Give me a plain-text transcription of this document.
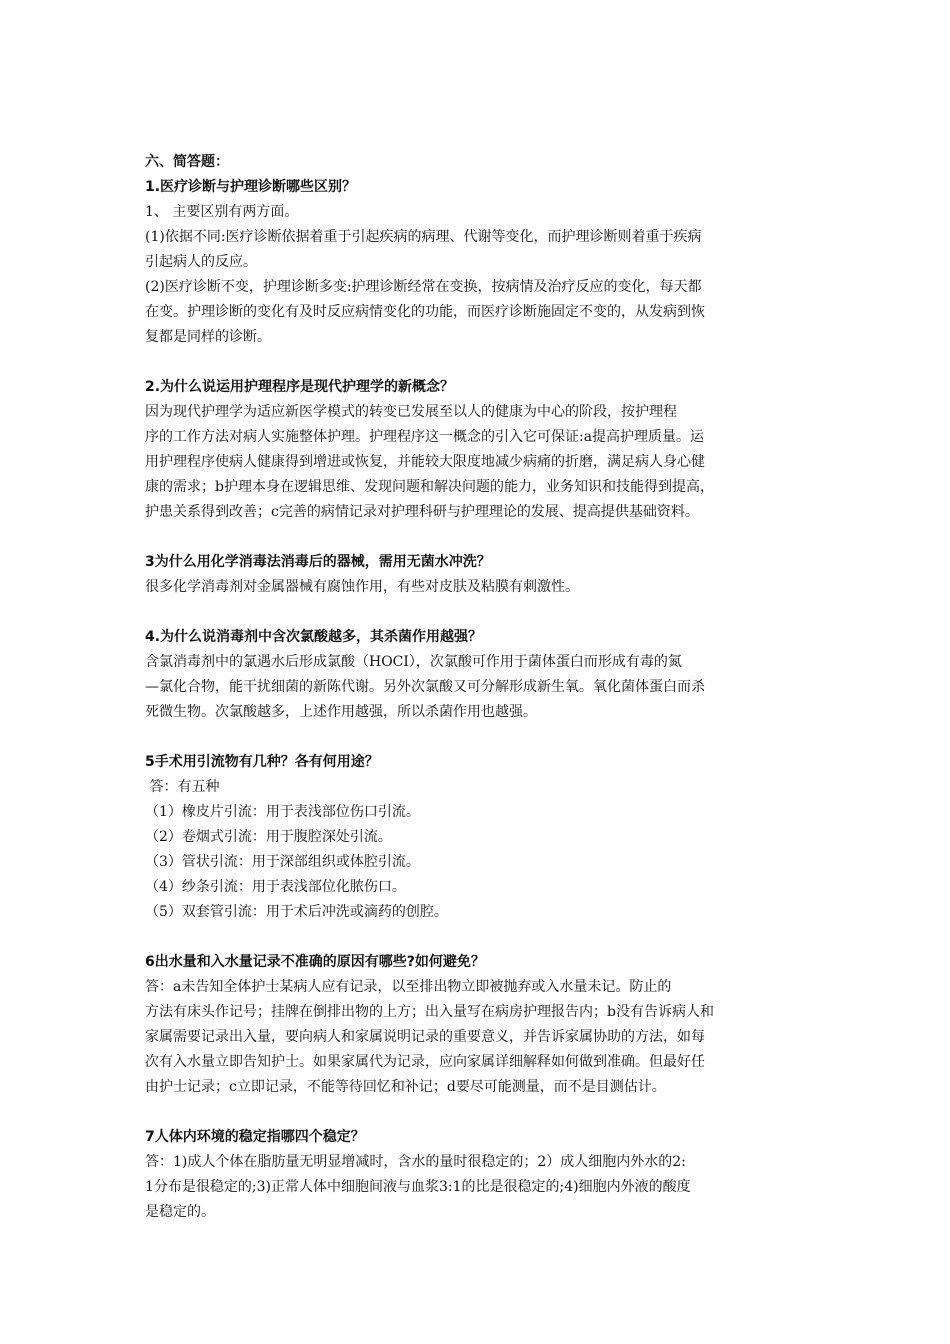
六、简答题：
1.医疗诊断与护理诊断哪些区别？
1、 主要区别有两方面。
(1)依据不同:医疗诊断依据着重于引起疾病的病理、代谢等变化，而护理诊断则着重于疾病
引起病人的反应。
(2)医疗诊断不变，护理诊断多变:护理诊断经常在变换，按病情及治疗反应的变化，每天都
在变。护理诊断的变化有及时反应病情变化的功能，而医疗诊断施固定不变的，从发病到恢
复都是同样的诊断。
2.为什么说运用护理程序是现代护理学的新概念？
因为现代护理学为适应新医学模式的转变已发展至以人的健康为中心的阶段，按护理程
序的工作方法对病人实施整体护理。护理程序这一概念的引入它可保证:a提高护理质量。运
用护理程序使病人健康得到增进或恢复，并能较大限度地减少病痛的折磨，满足病人身心健
康的需求；b护理本身在逻辑思维、发现问题和解决问题的能力，业务知识和技能得到提高，
护患关系得到改善；c完善的病情记录对护理科研与护理理论的发展、提高提供基础资料。
3为什么用化学消毒法消毒后的器械，需用无菌水冲洗？
很多化学消毒剂对金属器械有腐蚀作用，有些对皮肤及粘膜有刺激性。
4.为什么说消毒剂中含次氯酸越多，其杀菌作用越强？
含氯消毒剂中的氯遇水后形成氯酸（HOCI），次氯酸可作用于菌体蛋白而形成有毒的氮
—氯化合物，能干扰细菌的新陈代谢。另外次氯酸又可分解形成新生氧。氧化菌体蛋白而杀
死微生物。次氯酸越多，上述作用越强，所以杀菌作用也越强。
5手术用引流物有几种？各有何用途？
答：有五种
（1）橡皮片引流：用于表浅部位伤口引流。
（2）卷烟式引流：用于腹腔深处引流。
（3）管状引流：用于深部组织或体腔引流。
（4）纱条引流：用于表浅部位化脓伤口。
（5）双套管引流：用于术后冲洗或滴药的创腔。
6出水量和入水量记录不准确的原因有哪些?如何避免？
答：a未告知全体护士某病人应有记录，以至排出物立即被抛弃或入水量未记。防止的
方法有床头作记号；挂牌在倒排出物的上方；出入量写在病房护理报告内；b没有告诉病人和
家属需要记录出入量，要向病人和家属说明记录的重要意义，并告诉家属协助的方法，如每
次有入水量立即告知护士。如果家属代为记录，应向家属详细解释如何做到准确。但最好任
由护士记录；c立即记录，不能等待回忆和补记；d要尽可能测量，而不是目测估计。
7人体内环境的稳定指哪四个稳定？
答：1)成人个体在脂肪量无明显增减时，含水的量时很稳定的；2）成人细胞内外水的2:
1分布是很稳定的;3)正常人体中细胞间液与血浆3:1的比是很稳定的;4)细胞内外液的酸度
是稳定的。
